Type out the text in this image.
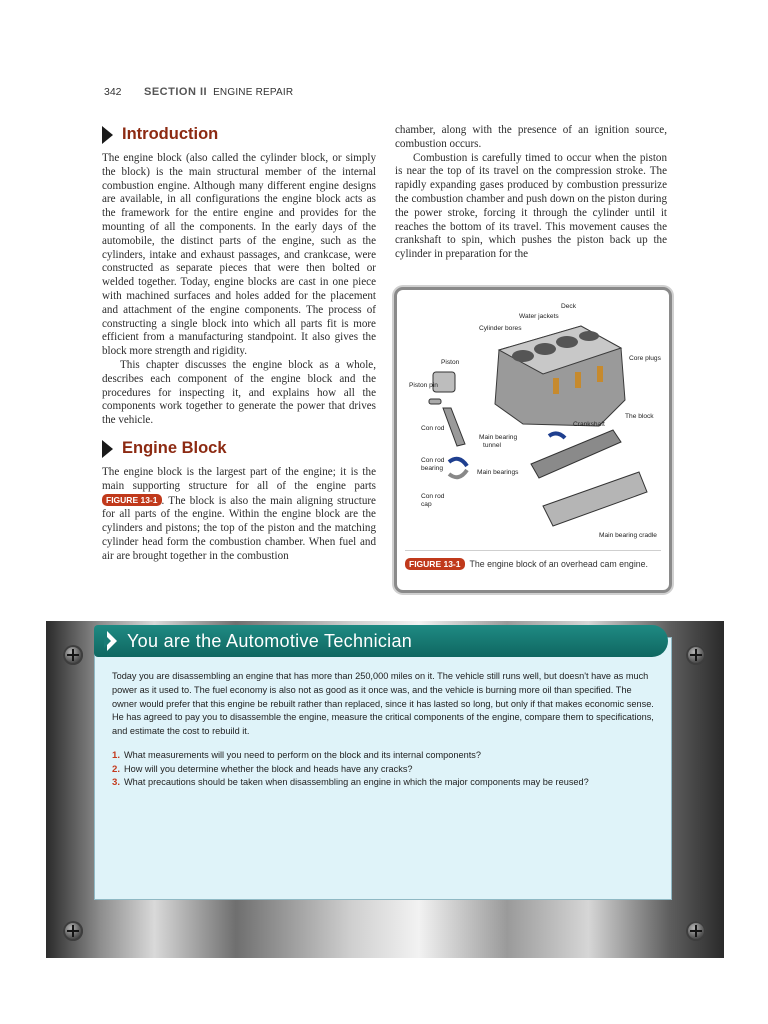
342	SECTION II ENGINE REPAIR
Introduction

The engine block (also called the cylinder block, or simply the block) is the main structural member of the internal combustion engine. Although many different engine designs are available, in all configurations the engine block acts as the framework for the entire engine and provides for the mounting of all the components. In the early days of the automobile, the distinct parts of the engine, such as the cylinders, intake and exhaust passages, and crankcase, were constructed as separate pieces that were then bolted or welded together. Today, engine blocks are cast in one piece with machined surfaces and holes added for the placement and attachment of the engine components. The process of constructing a single block into which all parts fit is more efficient from a manufacturing standpoint. It also gives the block more strength and rigidity.

This chapter discusses the engine block as a whole, describes each component of the engine block and the procedures for inspecting it, and explains how all the components work together to generate the power that drives the vehicle.

Engine Block

The engine block is the largest part of the engine; it is the main supporting structure for all of the engine parts FIGURE 13-1 . The block is also the main aligning structure for all parts of the engine. Within the engine block are the cylinders and pistons; the top of the piston and the matching cylinder head form the combustion chamber. When fuel and air are brought together in the combustion

chamber, along with the presence of an ignition source, combustion occurs.

Combustion is carefully timed to occur when the piston is near the top of its travel on the compression stroke. The rapidly expanding gases produced by combustion pressurize the combustion chamber and push down on the piston during the power stroke, forcing it through the cylinder until it reaches the bottom of its travel. This movement causes the crankshaft to spin, which pushes the piston back up the cylinder in preparation for the

Deck
Water jackets
Cylinder bores
Piston
Core plugs
Piston pin
The block
Con rod
Main bearing
tunnel
Crankshaft
Con rod
bearing
Main bearings
Con rod
cap
Main bearing cradle
FIGURE 13-1	The engine block of an overhead cam engine.
You are the Automotive Technician

Today you are disassembling an engine that has more than 250,000 miles on it. The vehicle still runs well, but doesn't have as much power as it used to. The fuel economy is also not as good as it once was, and the vehicle is burning more oil than specified. The owner would prefer that this engine be rebuilt rather than replaced, since it has lasted so long, but only if that makes economic sense. He has agreed to pay you to disassemble the engine, measure the critical components of the engine, compare them to specifications, and estimate the cost to rebuild it.

1. What measurements will you need to perform on the block and its internal components?
2. How will you determine whether the block and heads have any cracks?
3. What precautions should be taken when disassembling an engine in which the major components may be reused?
